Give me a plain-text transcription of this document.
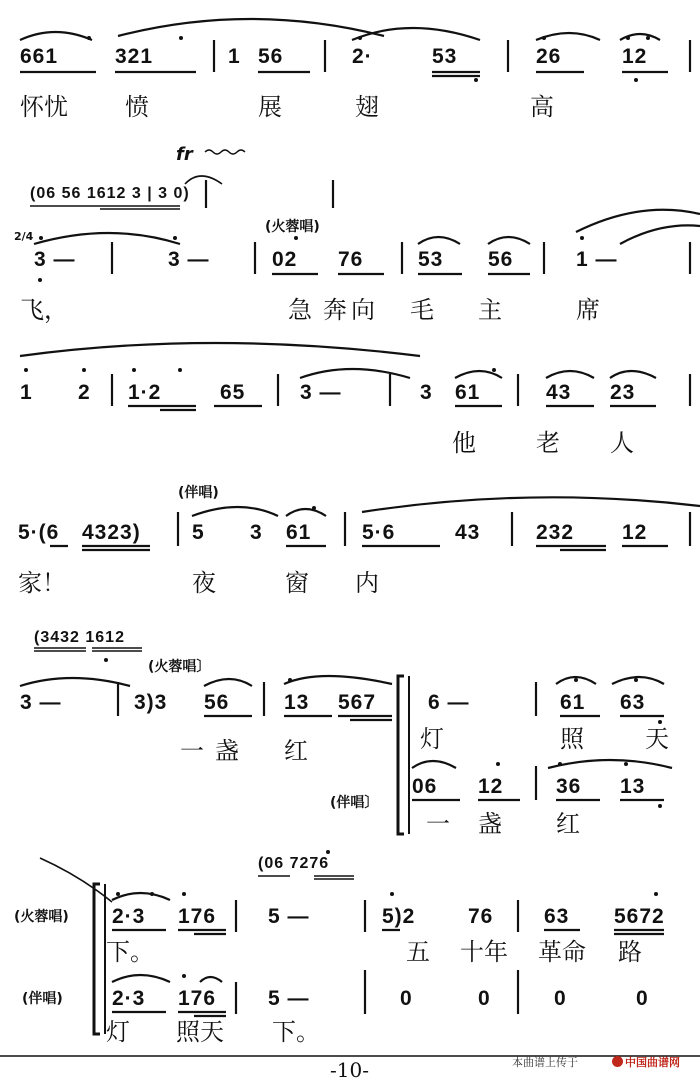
661	321	1 56	2·	53	26	12
怀忧 愤	展	翅	高
fr
(06 56 1612 3 | 3 0)
2/4
(火蓉唱)
3 —	3 —	02 76	53 56	1 —
飞，	急 奔 向 毛 主	席
1 2 1·2	65	3 —	3 61	43 23
他	老 人
(伴唱)
5·(6 4323) 5 3 61 5·6	43	232 12
家！	夜	窗 内
(3432 1612
(火蓉唱〕
3 —	3)3 56	13 567 6 —	61 63
一 盏 红	灯	照	天
(伴唱〕
06 12	36 13
一 盏 红
(06 7276
(火蓉唱) 2·3 176 5 —	5)2	76 63 5672
下。	五 十年 革命 路
(伴唱) 2·3 176 5 —	0	0	0	0
灯 照天 下。
-10-	本曲谱上传于	中国曲谱网
